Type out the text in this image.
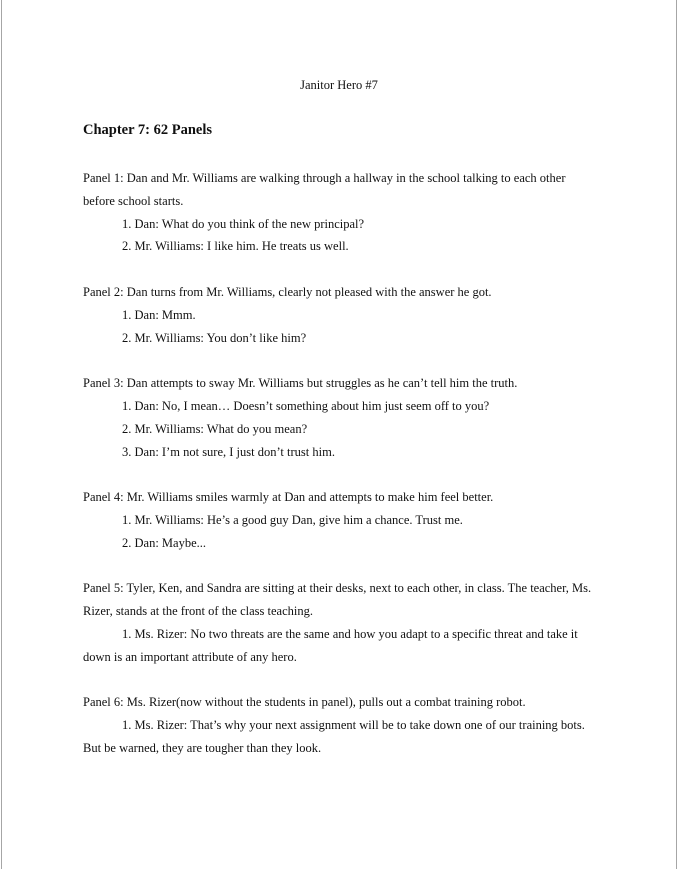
Janitor Hero #7
Chapter 7: 62 Panels

Panel 1: Dan and Mr. Williams are walking through a hallway in the school talking to each other before school starts.

1. Dan: What do you think of the new principal?

2. Mr. Williams: I like him. He treats us well.

Panel 2: Dan turns from Mr. Williams, clearly not pleased with the answer he got.

1. Dan: Mmm.

2. Mr. Williams: You don’t like him?

Panel 3: Dan attempts to sway Mr. Williams but struggles as he can’t tell him the truth.

1. Dan: No, I mean… Doesn’t something about him just seem off to you?

2. Mr. Williams: What do you mean?

3. Dan: I’m not sure, I just don’t trust him.

Panel 4: Mr. Williams smiles warmly at Dan and attempts to make him feel better.

1. Mr. Williams: He’s a good guy Dan, give him a chance. Trust me.

2. Dan: Maybe...

Panel 5: Tyler, Ken, and Sandra are sitting at their desks, next to each other, in class. The teacher, Ms. Rizer, stands at the front of the class teaching.

1. Ms. Rizer: No two threats are the same and how you adapt to a specific threat and take it down is an important attribute of any hero.

Panel 6: Ms. Rizer(now without the students in panel), pulls out a combat training robot.

1. Ms. Rizer: That’s why your next assignment will be to take down one of our training bots. But be warned, they are tougher than they look.
